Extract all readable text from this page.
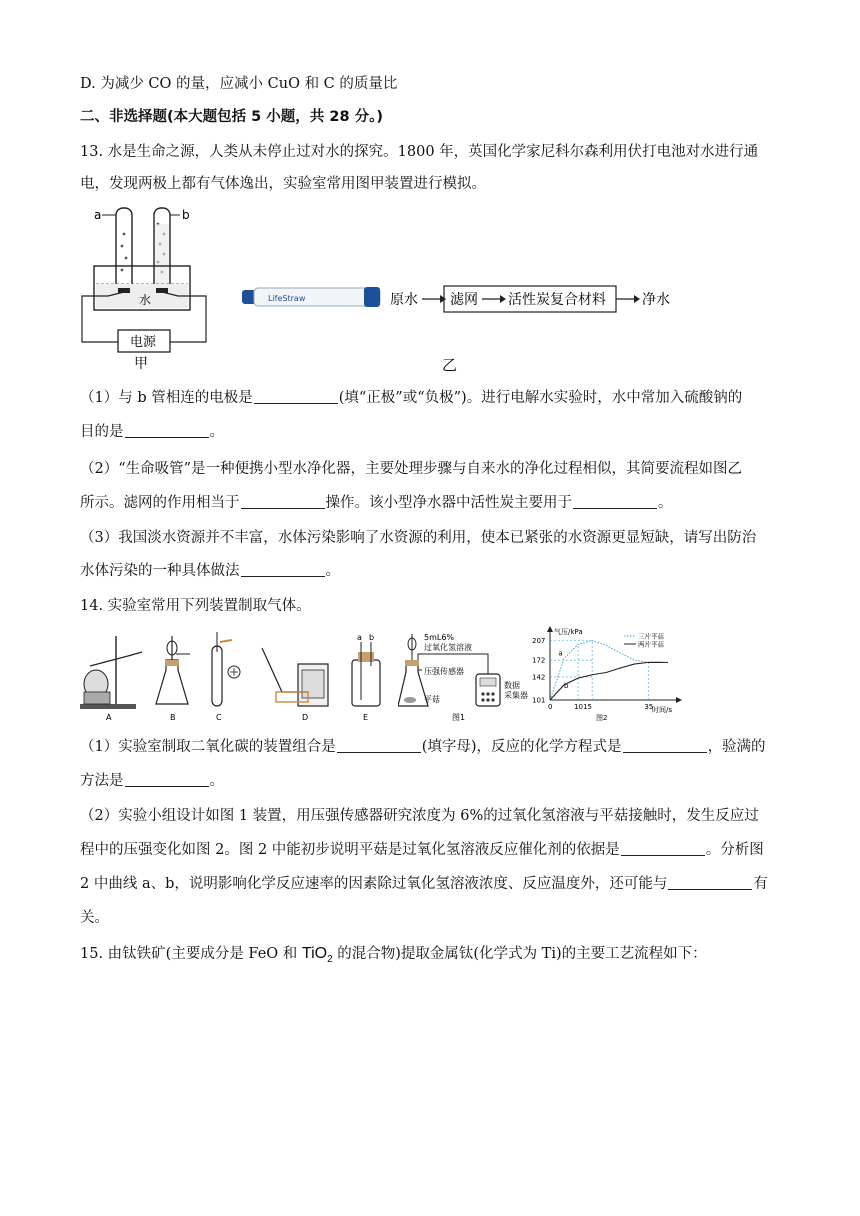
D. 为减少 CO 的量，应减小 CuO 和 C 的质量比
二、非选择题(本大题包括 5 小题，共 28 分。)
13. 水是生命之源，人类从未停止过对水的探究。1800 年，英国化学家尼科尔森利用伏打电池对水进行通
电，发现两极上都有气体逸出，实验室常用图甲装置进行模拟。
水
a	b
电源
甲
LifeStraw	原水 滤网 活性炭复合材料	净水
乙
（1）与 b 管相连的电极是	(填“正极”或“负极”)。进行电解水实验时，水中常加入硫酸钠的
目的是	。
（2）“生命吸管”是一种便携小型水净化器，主要处理步骤与自来水的净化过程相似，其简要流程如图乙
所示。滤网的作用相当于	操作。该小型净水器中活性炭主要用于	。
（3）我国淡水资源并不丰富，水体污染影响了水资源的利用，使本已紧张的水资源更显短缺，请写出防治
水体污染的一种具体做法	。
14. 实验室常用下列装置制取气体。
a b
A	B	C	D	E
5mL6%
过氧化氢溶液
压强传感器
平菇
数据
采集器
图1
气压/kPa
时间/s
101
142
172
207
0	1015	35
a
三片平菇
b
两片平菇
图2
（1）实验室制取二氧化碳的装置组合是	(填字母)，反应的化学方程式是	，验满的
方法是	。
（2）实验小组设计如图 1 装置，用压强传感器研究浓度为 6%的过氧化氢溶液与平菇接触时，发生反应过
程中的压强变化如图 2。图 2 中能初步说明平菇是过氧化氢溶液反应催化剂的依据是	。分析图
2 中曲线 a、b，说明影响化学反应速率的因素除过氧化氢溶液浓度、反应温度外，还可能与	有
关。
15. 由钛铁矿(主要成分是 FeO 和 TiO$_2$ 的混合物)提取金属钛(化学式为 Ti)的主要工艺流程如下：
